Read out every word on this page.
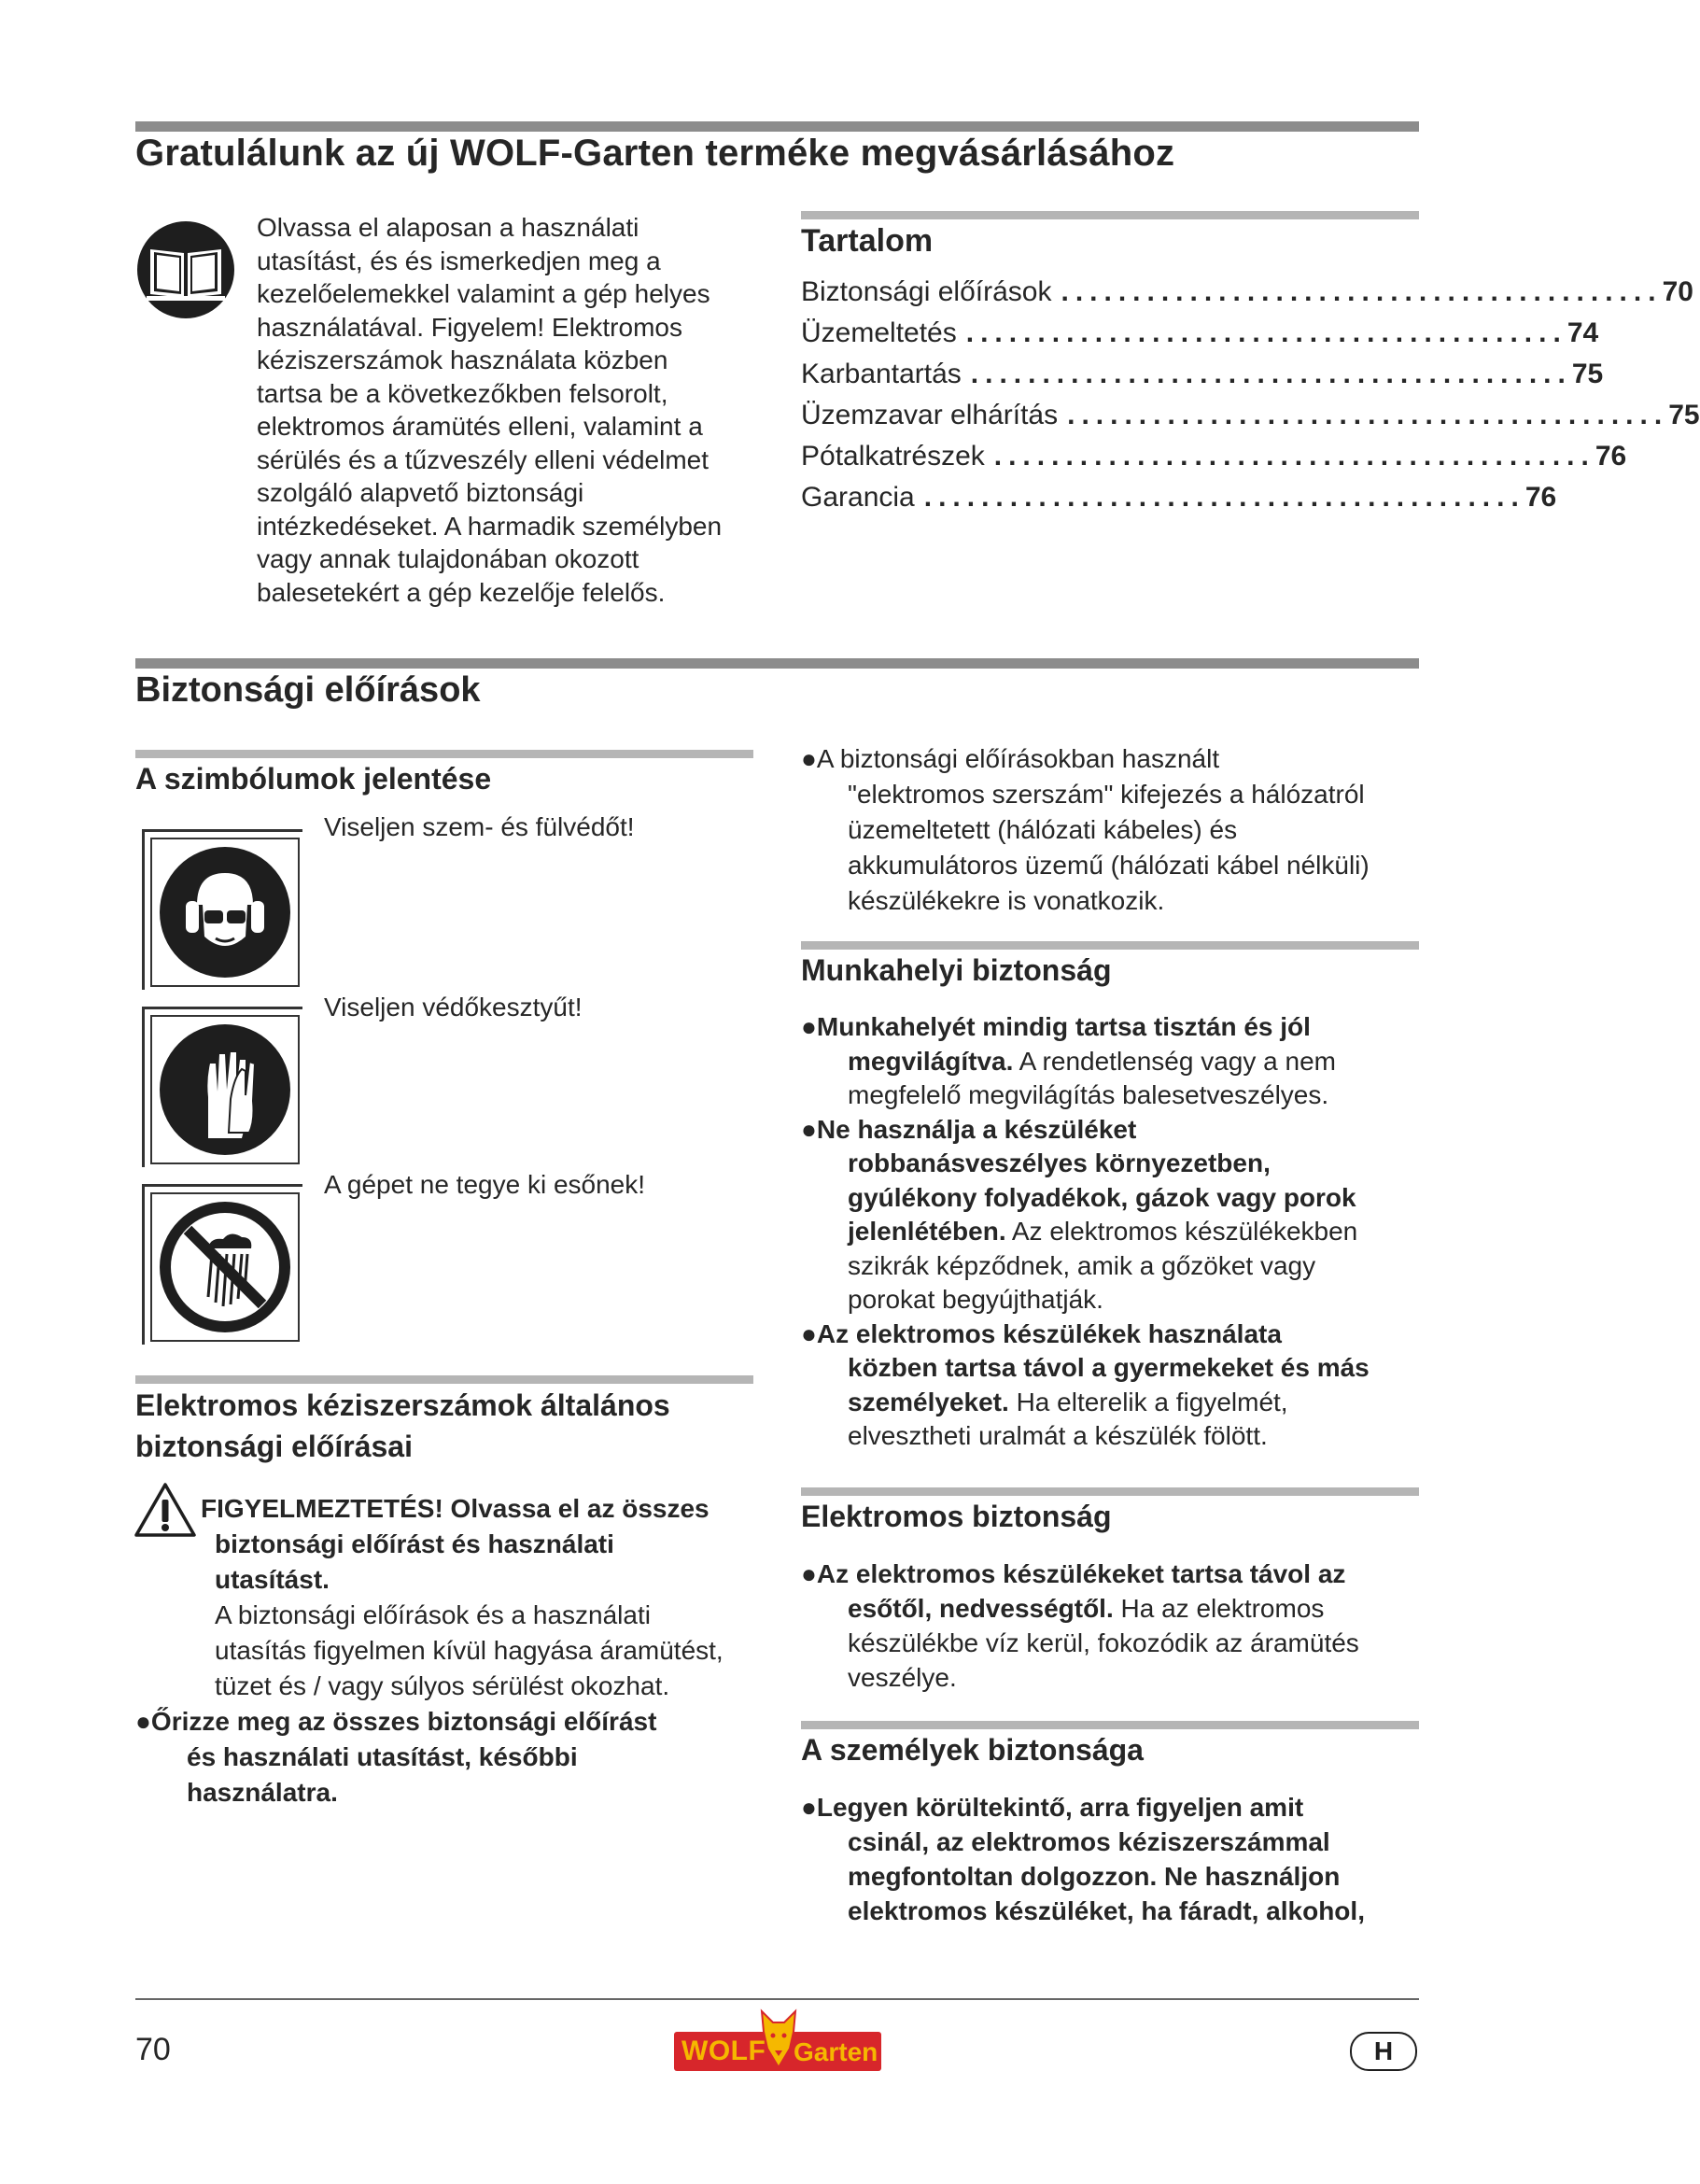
Gratulálunk az új WOLF-Garten terméke megvásárlásához
Olvassa el alaposan a használati
utasítást, és és ismerkedjen meg a
kezelőelemekkel valamint a gép helyes
használatával. Figyelem! Elektromos
kéziszerszámok használata közben
tartsa be a következőkben felsorolt,
elektromos áramütés elleni, valamint a
sérülés és a tűzveszély elleni védelmet
szolgáló alapvető biztonsági
intézkedéseket. A harmadik személyben
vagy annak tulajdonában okozott
balesetekért a gép kezelője felelős.
Tartalom
Biztonsági előírások .......................................... 70
Üzemeltetés .......................................... 74
Karbantartás .......................................... 75
Üzemzavar elhárítás .......................................... 75
Pótalkatrészek .......................................... 76
Garancia .......................................... 76
Biztonsági előírások
A szimbólumok jelentése
Viseljen szem- és fülvédőt!
Viseljen védőkesztyűt!
A gépet ne tegye ki esőnek!
Elektromos kéziszerszámok általános
biztonsági előírásai
FIGYELMEZTETÉS! Olvassa el az összes
biztonsági előírást és használati
utasítást.
A biztonsági előírások és a használati
utasítás figyelmen kívül hagyása áramütést,
tüzet és / vagy súlyos sérülést okozhat.
●Őrizze meg az összes biztonsági előírást
és használati utasítást, későbbi
használatra.
●A biztonsági előírásokban használt
"elektromos szerszám" kifejezés a hálózatról
üzemeltetett (hálózati kábeles) és
akkumulátoros üzemű (hálózati kábel nélküli)
készülékekre is vonatkozik.
Munkahelyi biztonság
●Munkahelyét mindig tartsa tisztán és jól
megvilágítva. A rendetlenség vagy a nem
megfelelő megvilágítás balesetveszélyes.
●Ne használja a készüléket
robbanásveszélyes környezetben,
gyúlékony folyadékok, gázok vagy porok
jelenlétében. Az elektromos készülékekben
szikrák képződnek, amik a gőzöket vagy
porokat begyújthatják.
●Az elektromos készülékek használata
közben tartsa távol a gyermekeket és más
személyeket. Ha elterelik a figyelmét,
elvesztheti uralmát a készülék fölött.
Elektromos biztonság
●Az elektromos készülékeket tartsa távol az
esőtől, nedvességtől. Ha az elektromos
készülékbe víz kerül, fokozódik az áramütés
veszélye.
A személyek biztonsága
●Legyen körültekintő, arra figyeljen amit
csinál, az elektromos kéziszerszámmal
megfontoltan dolgozzon. Ne használjon
elektromos készüléket, ha fáradt, alkohol,
70	WOLF Garten	H
